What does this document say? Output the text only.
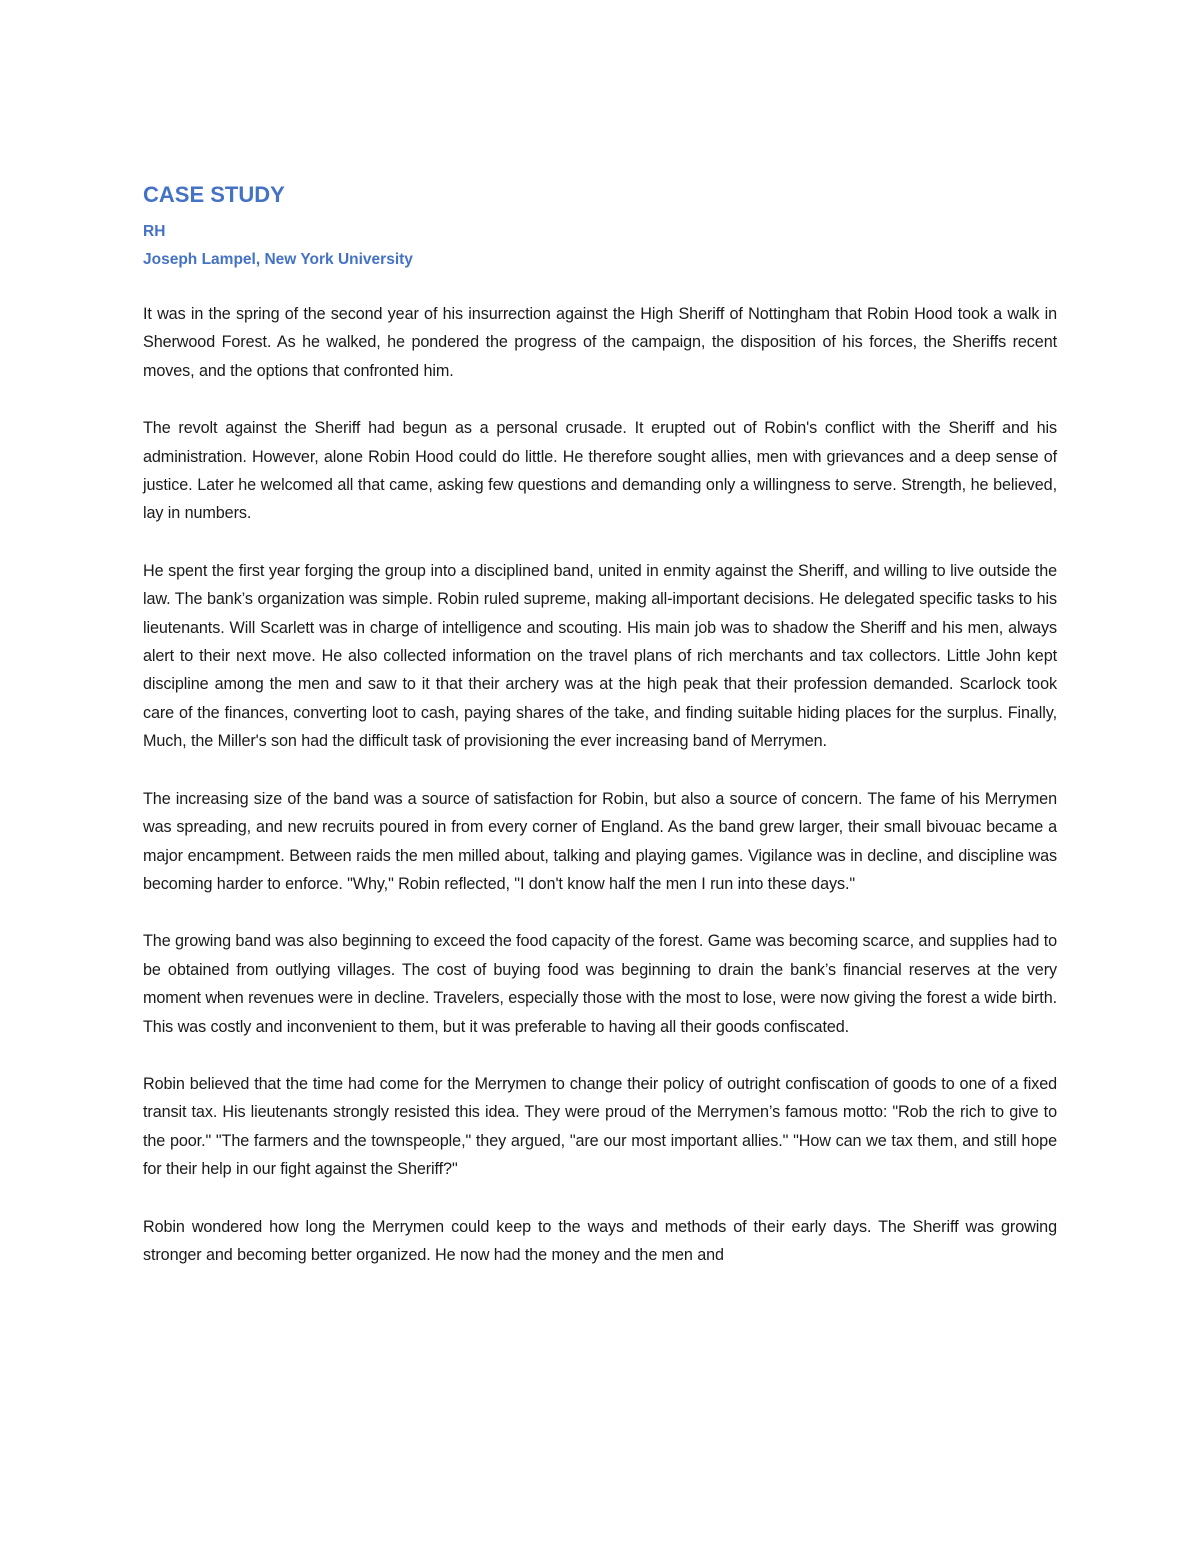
CASE STUDY
RH
Joseph Lampel, New York University

It was in the spring of the second year of his insurrection against the High Sheriff of Nottingham that Robin Hood took a walk in Sherwood Forest. As he walked, he pondered the progress of the campaign, the disposition of his forces, the Sheriffs recent moves, and the options that confronted him.

The revolt against the Sheriff had begun as a personal crusade. It erupted out of Robin's conflict with the Sheriff and his administration. However, alone Robin Hood could do little. He therefore sought allies, men with grievances and a deep sense of justice. Later he welcomed all that came, asking few questions and demanding only a willingness to serve. Strength, he believed, lay in numbers.

He spent the first year forging the group into a disciplined band, united in enmity against the Sheriff, and willing to live outside the law. The bank’s organization was simple. Robin ruled supreme, making all-important decisions. He delegated specific tasks to his lieutenants. Will Scarlett was in charge of intelligence and scouting. His main job was to shadow the Sheriff and his men, always alert to their next move. He also collected information on the travel plans of rich merchants and tax collectors. Little John kept discipline among the men and saw to it that their archery was at the high peak that their profession demanded. Scarlock took care of the finances, converting loot to cash, paying shares of the take, and finding suitable hiding places for the surplus. Finally, Much, the Miller's son had the difficult task of provisioning the ever increasing band of Merrymen.

The increasing size of the band was a source of satisfaction for Robin, but also a source of concern. The fame of his Merrymen was spreading, and new recruits poured in from every corner of England. As the band grew larger, their small bivouac became a major encampment. Between raids the men milled about, talking and playing games. Vigilance was in decline, and discipline was becoming harder to enforce. "Why," Robin reflected, "I don't know half the men I run into these days."

The growing band was also beginning to exceed the food capacity of the forest. Game was becoming scarce, and supplies had to be obtained from outlying villages. The cost of buying food was beginning to drain the bank’s financial reserves at the very moment when revenues were in decline. Travelers, especially those with the most to lose, were now giving the forest a wide birth. This was costly and inconvenient to them, but it was preferable to having all their goods confiscated.

Robin believed that the time had come for the Merrymen to change their policy of outright confiscation of goods to one of a fixed transit tax. His lieutenants strongly resisted this idea. They were proud of the Merrymen’s famous motto: "Rob the rich to give to the poor." "The farmers and the townspeople," they argued, "are our most important allies." "How can we tax them, and still hope for their help in our fight against the Sheriff?"

Robin wondered how long the Merrymen could keep to the ways and methods of their early days. The Sheriff was growing stronger and becoming better organized. He now had the money and the men and
